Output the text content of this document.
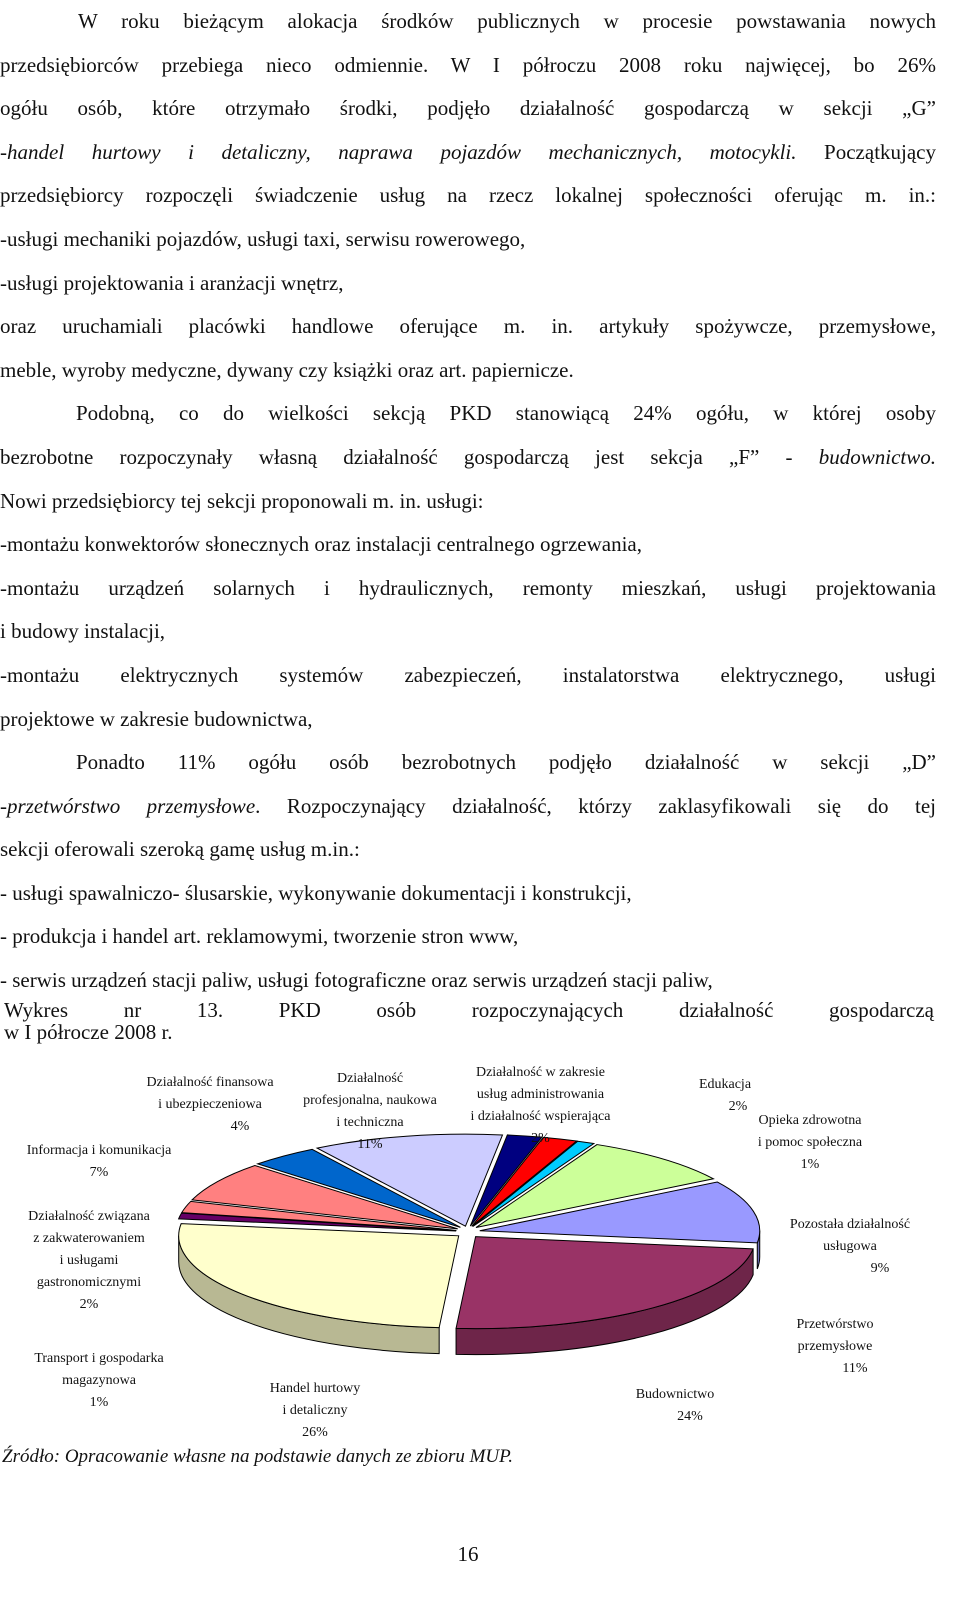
W roku bieżącym alokacja środków publicznych w procesie powstawania nowych

przedsiębiorców przebiega nieco odmiennie. W I półroczu 2008 roku najwięcej, bo 26%

ogółu osób, które otrzymało środki, podjęło działalność gospodarczą w sekcji „G”

-handel hurtowy i detaliczny, naprawa pojazdów mechanicznych, motocykli. Początkujący

przedsiębiorcy rozpoczęli świadczenie usług na rzecz lokalnej społeczności oferując m. in.:

-usługi mechaniki pojazdów, usługi taxi, serwisu rowerowego,

-usługi projektowania i aranżacji wnętrz,

oraz uruchamiali placówki handlowe oferujące m. in. artykuły spożywcze, przemysłowe,

meble, wyroby medyczne, dywany czy książki oraz art. papiernicze.

Podobną, co do wielkości sekcją PKD stanowiącą 24% ogółu, w której osoby

bezrobotne rozpoczynały własną działalność gospodarczą jest sekcja „F” - budownictwo.

Nowi przedsiębiorcy tej sekcji proponowali m. in. usługi:

-montażu konwektorów słonecznych oraz instalacji centralnego ogrzewania,

-montażu urządzeń solarnych i hydraulicznych, remonty mieszkań, usługi projektowania

i budowy instalacji,

-montażu elektrycznych systemów zabezpieczeń, instalatorstwa elektrycznego, usługi

projektowe w zakresie budownictwa,

Ponadto 11% ogółu osób bezrobotnych podjęło działalność w sekcji „D”

-przetwórstwo przemysłowe. Rozpoczynający działalność, którzy zaklasyfikowali się do tej

sekcji oferowali szeroką gamę usług m.in.:

- usługi spawalniczo- ślusarskie, wykonywanie dokumentacji i konstrukcji,

- produkcja i handel art. reklamowymi, tworzenie stron www,

- serwis urządzeń stacji paliw, usługi fotograficzne oraz serwis urządzeń stacji paliw,

Wykres nr 13. PKD osób rozpoczynających działalność gospodarczą

w I półrocze 2008 r.

Działalność finansowa
i ubezpieczeniowa
4%
Działalność
profesjonalna, naukowa
i techniczna
11%
Działalność w zakresie
usług administrowania
i działalność wspierająca
2%
Edukacja
2%
Opieka zdrowotna
i pomoc społeczna
1%
Informacja i komunikacja
7%
Działalność związana
z zakwaterowaniem
i usługami
gastronomicznymi
2%
Pozostała działalność
usługowa
9%
Przetwórstwo
przemysłowe
11%
Transport i gospodarka
magazynowa
1%
Handel hurtowy
i detaliczny
26%
Budownictwo
24%
Źródło: Opracowanie własne na podstawie danych ze zbioru MUP.
16
